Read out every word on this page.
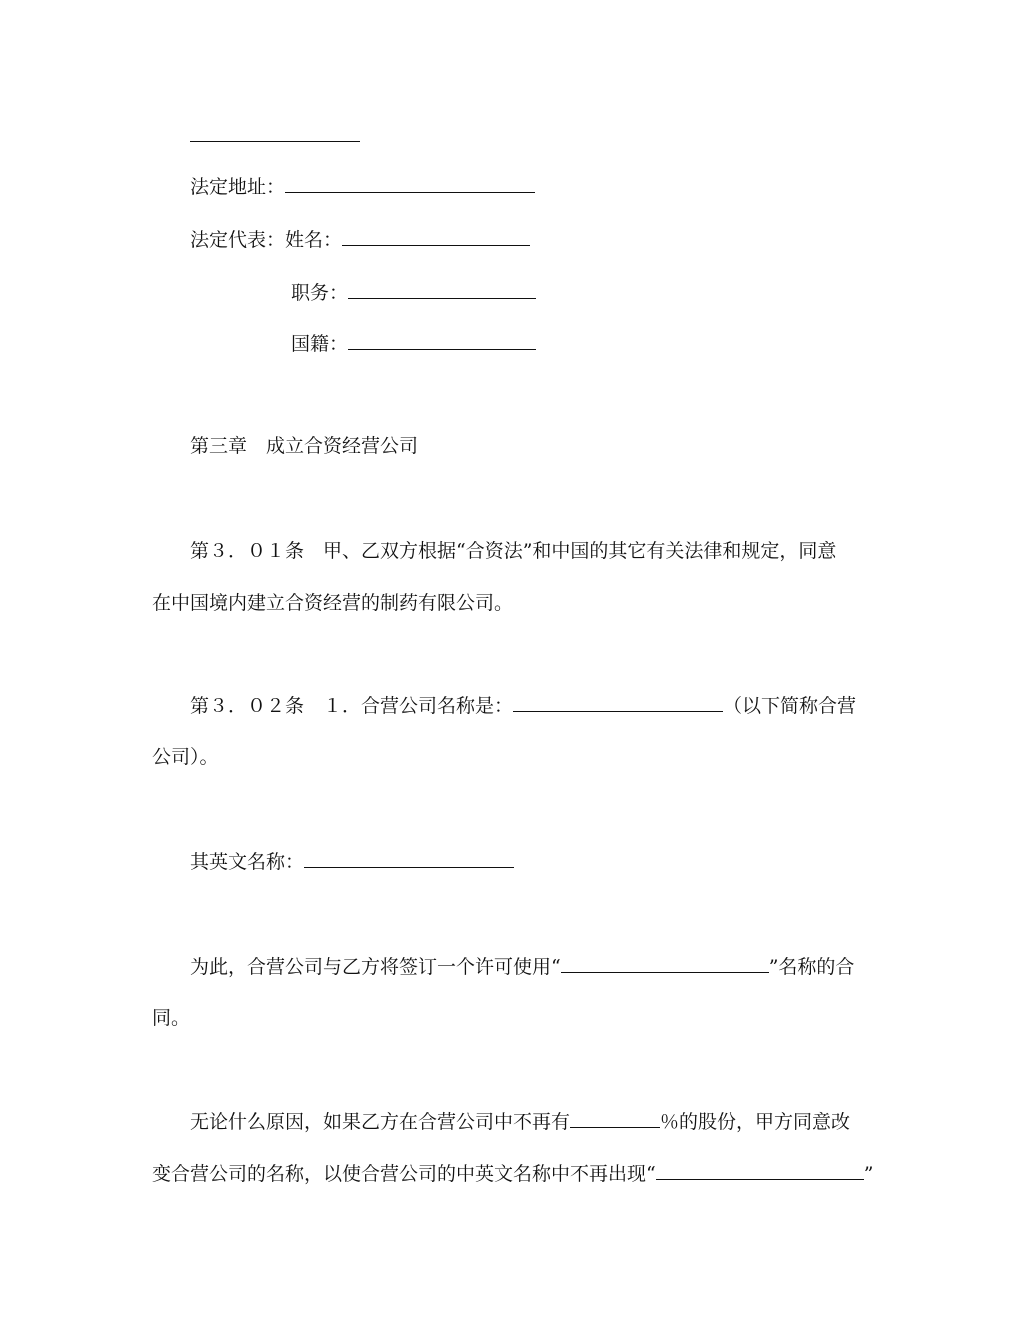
法定地址：
法定代表：姓名：
职务：
国籍：
第三章　成立合资经营公司
第３．０１条　甲、乙双方根据“合资法”和中国的其它有关法律和规定，同意
在中国境内建立合资经营的制药有限公司。
第３．０２条　１．合营公司名称是：	（以下简称合营
公司）。
其英文名称：
为此，合营公司与乙方将签订一个许可使用“	”名称的合
同。
无论什么原因，如果乙方在合营公司中不再有	％的股份，甲方同意改
变合营公司的名称，以使合营公司的中英文名称中不再出现“	”
